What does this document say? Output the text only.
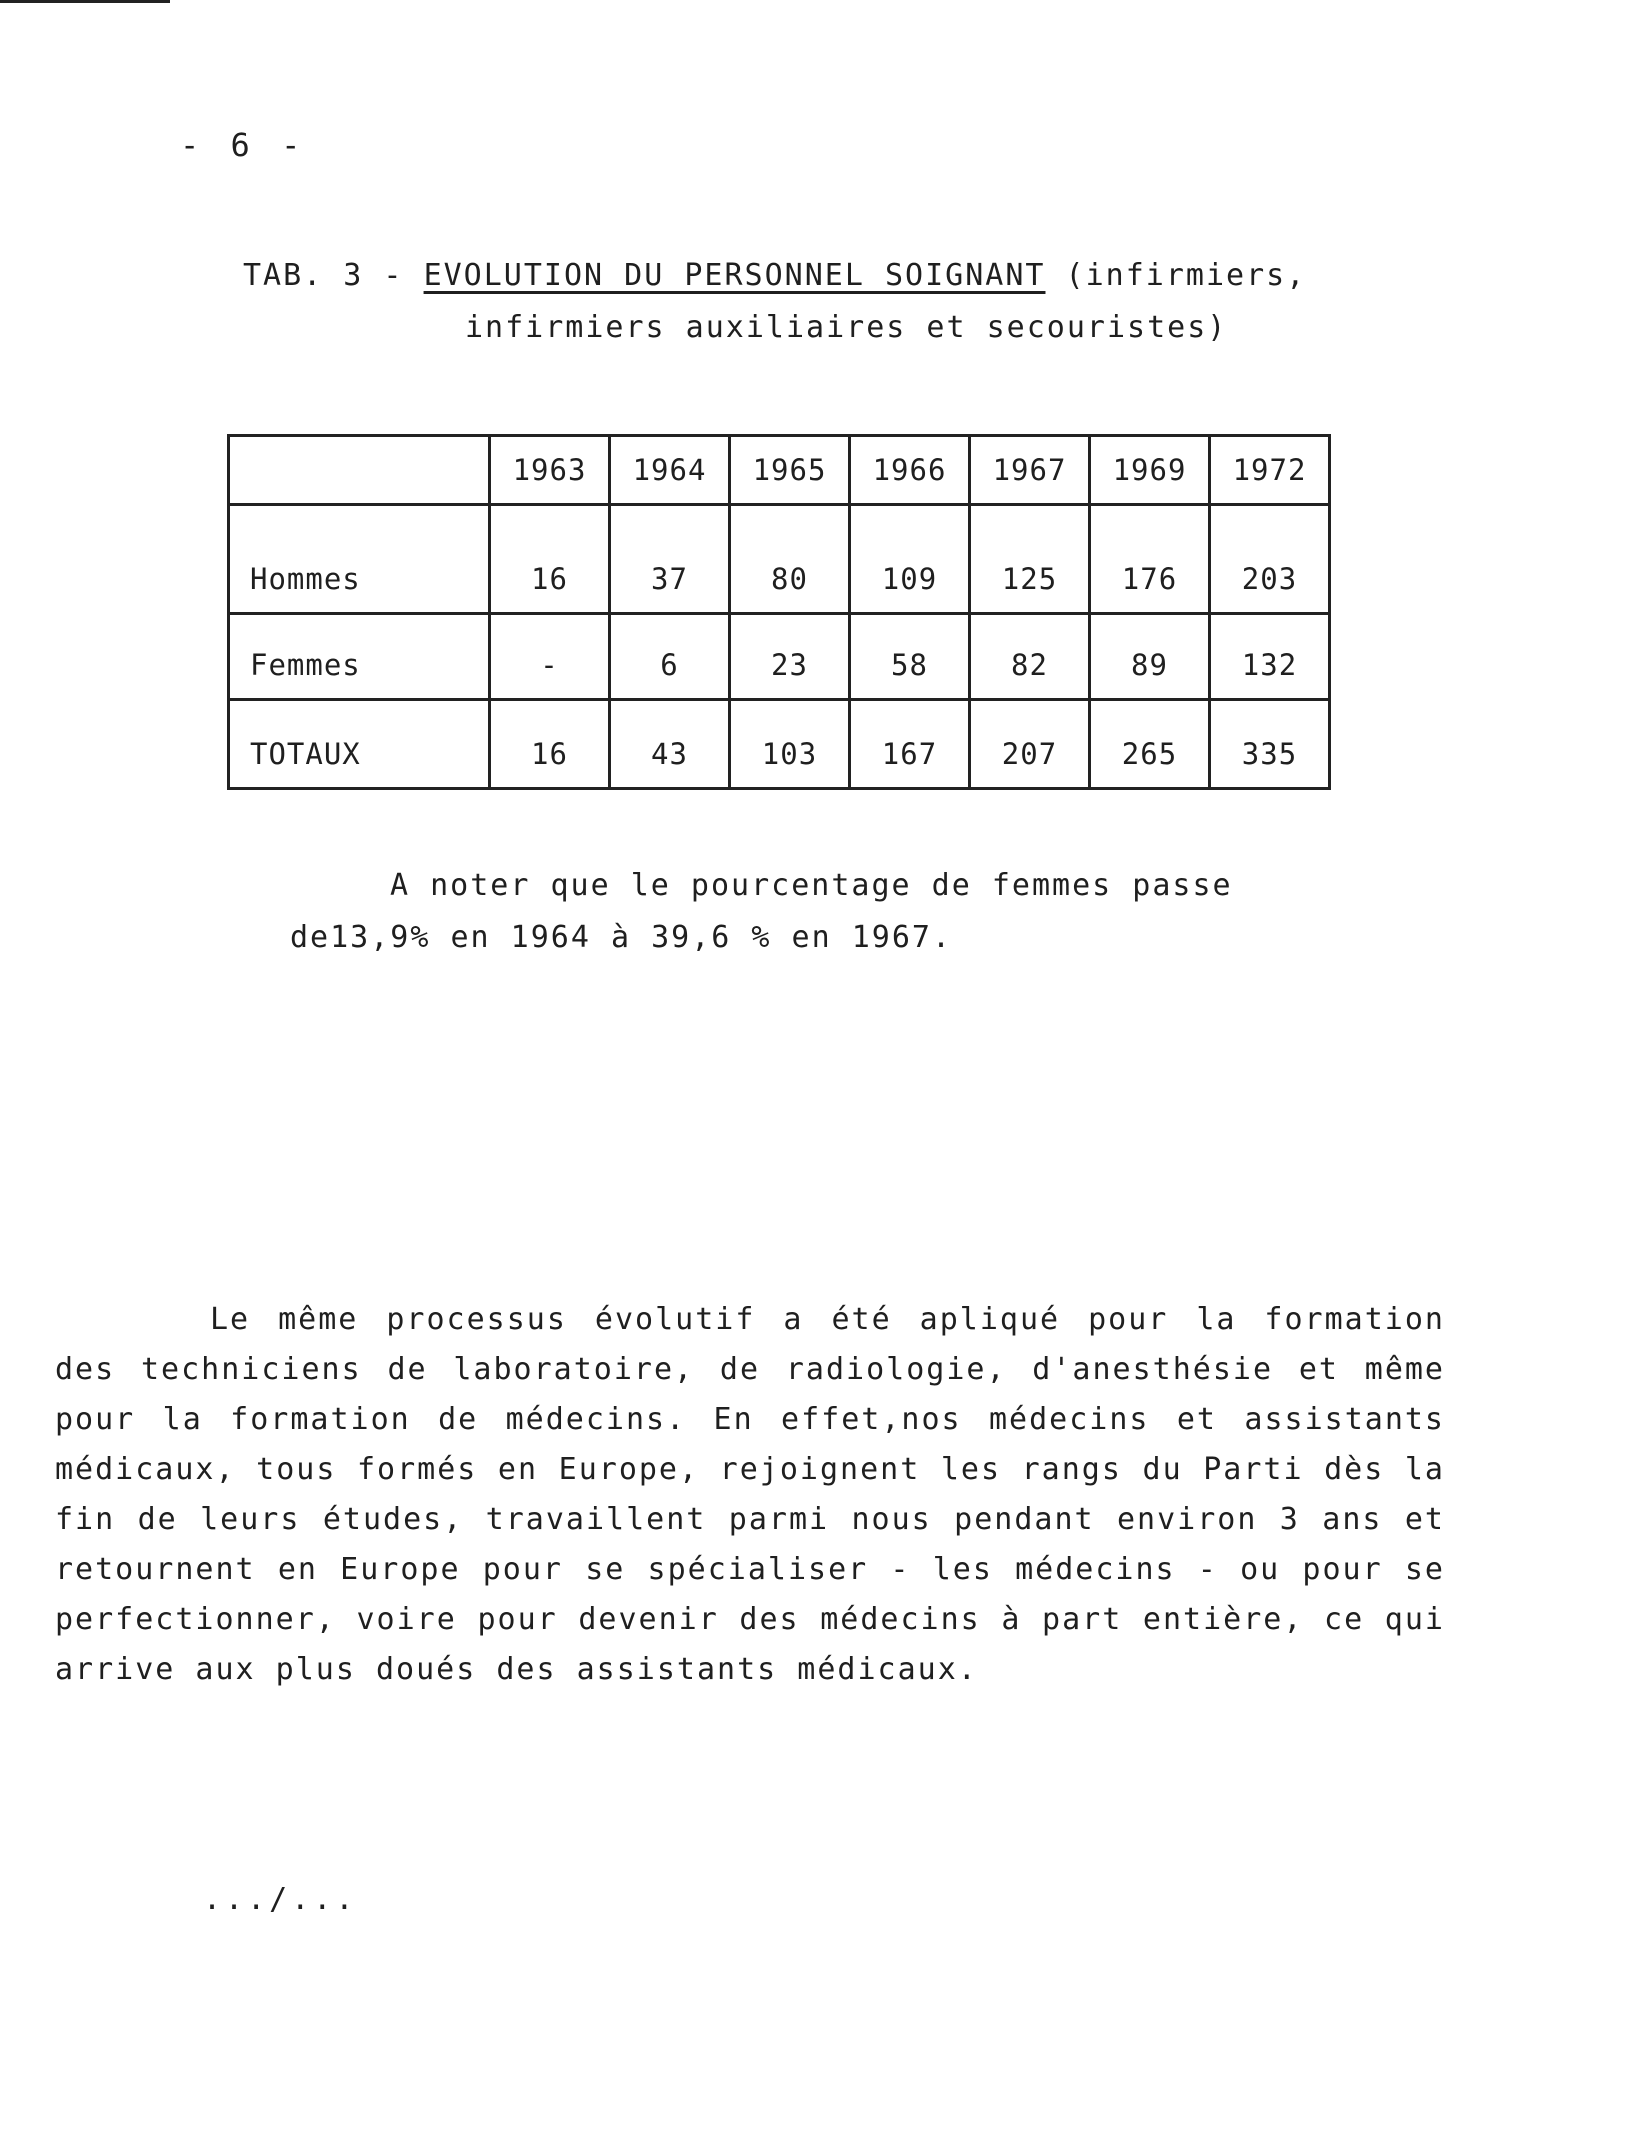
- 6 -
TAB. 3 - EVOLUTION DU PERSONNEL SOIGNANT (infirmiers,
infirmiers auxiliaires et secouristes)
	1963	1964	1965	1966	1967	1969	1972
Hommes	16	37	80	109	125	176	203
Femmes	-	6	23	58	82	89	132
TOTAUX	16	43	103	167	207	265	335
A noter que le pourcentage de femmes passe
de13,9% en 1964 à 39,6 % en 1967.

Le même processus évolutif a été apliqué pour la formation des techniciens de laboratoire, de radiologie, d'anesthésie et même pour la formation de médecins. En effet,nos médecins et assistants médicaux, tous formés en Europe, rejoignent les rangs du Parti dès la fin de leurs études, travaillent parmi nous pendant environ 3 ans et retournent en Europe pour se spécialiser - les médecins - ou pour se perfectionner, voire pour devenir des médecins à part entière, ce qui arrive aux plus doués des assistants médicaux.

.../...
